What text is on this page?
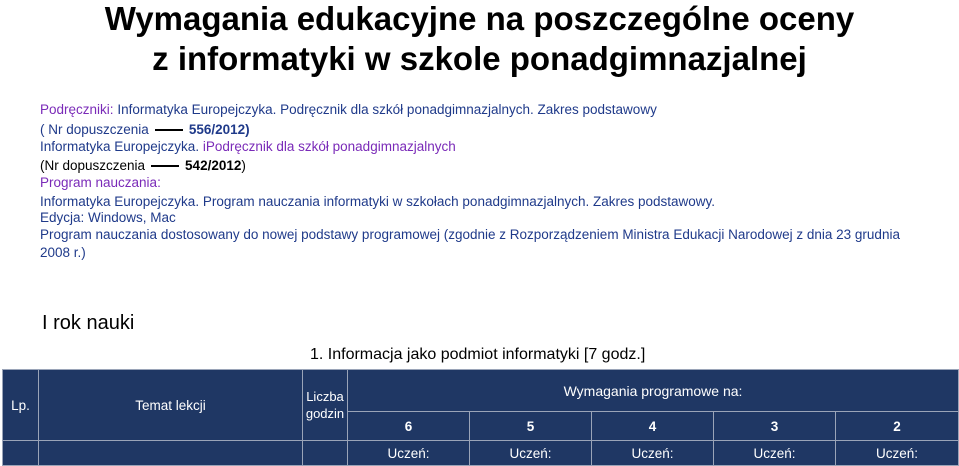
Wymagania edukacyjne na poszczególne oceny
z informatyki w szkole ponadgimnazjalnej
Podręczniki: Informatyka Europejczyka. Podręcznik dla szkół ponadgimnazjalnych. Zakres podstawowy
( Nr dopuszczenia	556/2012)
Informatyka Europejczyka. iPodręcznik dla szkół ponadgimnazjalnych
(Nr dopuszczenia	542/2012)
Program nauczania:
Informatyka Europejczyka. Program nauczania informatyki w szkołach ponadgimnazjalnych. Zakres podstawowy.
Edycja: Windows, Mac
Program nauczania dostosowany do nowej podstawy programowej (zgodnie z Rozporządzeniem Ministra Edukacji Narodowej z dnia 23 grudnia 2008 r.)
I rok nauki
1. Informacja jako podmiot informatyki [7 godz.]
Lp.	Temat lekcji	Liczba godzin	Wymagania programowe na:				
			6	5	4	3	2
			Uczeń:	Uczeń:	Uczeń:	Uczeń:	Uczeń:
